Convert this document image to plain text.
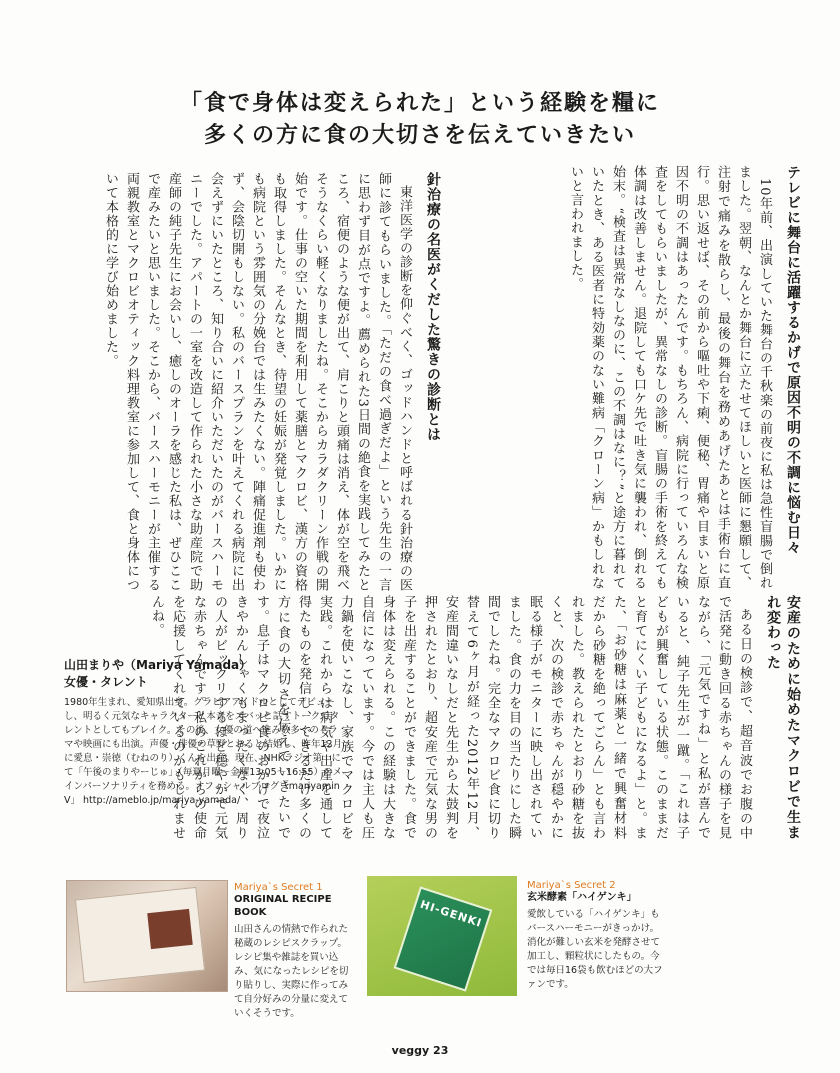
「食で身体は変えられた」という経験を糧に
多くの方に食の大切さを伝えていきたい

テレビに舞台に活躍するかげで原因不明の不調に悩む日々

10年前、出演していた舞台の千秋楽の前夜に私は急性盲腸で倒れました。翌朝、なんとか舞台に立たせてほしいと医師に懇願して、注射で痛みを散らし、最後の舞台を務めあげたあとは手術台に直行。思い返せば、その前から嘔吐や下痢、便秘、胃痛や目まいと原因不明の不調はあったんです。もちろん、病院に行っていろんな検査をしてもらいましたが、異常なしの診断。盲腸の手術を終えても体調は改善しません。退院しても口ケ先で吐き気に襲われ、倒れる始末。“検査は異常なしなのに、この不調はなに？”と途方に暮れていたとき、ある医者に特効薬のない難病「クローン病」かもしれないと言われました。

針治療の名医がくだした驚きの診断とは

東洋医学の診断を仰ぐべく、ゴッドハンドと呼ばれる針治療の医師に診てもらいました。「ただの食べ過ぎだよ」という先生の一言に思わず目が点ですよ。薦められた3日間の絶食を実践してみたところ、宿便のような便が出て、肩こりと頭痛は消え、体が空を飛べそうなくらい軽くなりましたね。そこからカラダクリーン作戦の開始です。仕事の空いた期間を利用して薬膳とマクロビ、漢方の資格も取得しました。そんなとき、待望の妊娠が発覚しました。いかにも病院という雰囲気の分娩台では生みたくない。陣痛促進剤も使わず、会陰切開もしない。私のバースプランを叶えてくれる病院に出会えずにいたところ、知り合いに紹介いただいたのがバースハーモニーでした。アパートの一室を改造して作られた小さな助産院で助産師の純子先生にお会いし、癒しのオーラを感じた私は、ぜひここで産みたいと思いました。そこから、バースハーモニーが主催する両親教室とマクロビオティック料理教室に参加して、食と身体について本格的に学び始めました。

安産のために始めたマクロビで生まれ変わった

ある日の検診で、超音波でお腹の中で活発に動き回る赤ちゃんの様子を見ながら、「元気ですね」と私が喜んでいると、純子先生が一蹴。「これは子どもが興奮している状態。このままだと育てにくい子どもになるよ」と。また、「お砂糖は麻薬と一緒で興奮材料だから砂糖を絶ってごらん」とも言われました。教えられたとおり砂糖を抜くと、次の検診で赤ちゃんが穏やかに眠る様子がモニターに映し出されていました。食の力を目の当たりにした瞬間でしたね。完全なマクロビ食に切り替えて6ヶ月が経った2012年12月、安産間違いなしだと先生から太鼓判を押されたとおり、超安産で元気な男の子を出産することができました。食で身体は変えられる。この経験は大きな自信になっています。今では主人も圧力鍋を使いこなし、家族でマクロビを実践。これからは病気や出産を通して得たものを発信し、できるだけ多くの方に食の大切さを伝えていきたいです。息子はマクロビ食のおかげで夜泣きやかんしゃくもまったくなく、周りの人がビックリするほど穏やかで元気な赤ちゃんです。私のこれからの使命を応援してくれているのかもしれませんね。

山田まりや（Mariya Yamada）
女優・タレント
1980年生まれ、愛知県出身。グラビアアイドルとしてデビューし、明るく元気なキャラクターと本音をズバッと話すトークでタレントとしてもブレイク。その後、女優の道へ進み数多くのドラマや映画にも出演。声優・俳優の草野とおると結婚し、昨年12月に愛息・崇徳（むねのり）くんを出産。現在、NHKラジオ第一にて「午後のまりやーじゅ」（毎週月曜〜金曜13:05〜16:55）のメインパーソナリティを務める。オフィシャルブログ「mariyamin V」 http://ameblo.jp/mariya-yamada/
Mariya`s Secret 1
ORIGINAL RECIPE BOOK
山田さんの情熱で作られた秘蔵のレシピスクラップ。レシピ集や雑誌を買い込み、気になったレシピを切り貼りし、実際に作ってみて自分好みの分量に変えていくそうです。
HI-GENKI
Mariya`s Secret 2
玄米酵素「ハイゲンキ」
愛飲している「ハイゲンキ」もバースハーモニーがきっかけ。消化が難しい玄米を発酵させて加工し、顆粒状にしたもの。今では毎日16袋も飲むほどの大ファンです。
veggy 23
